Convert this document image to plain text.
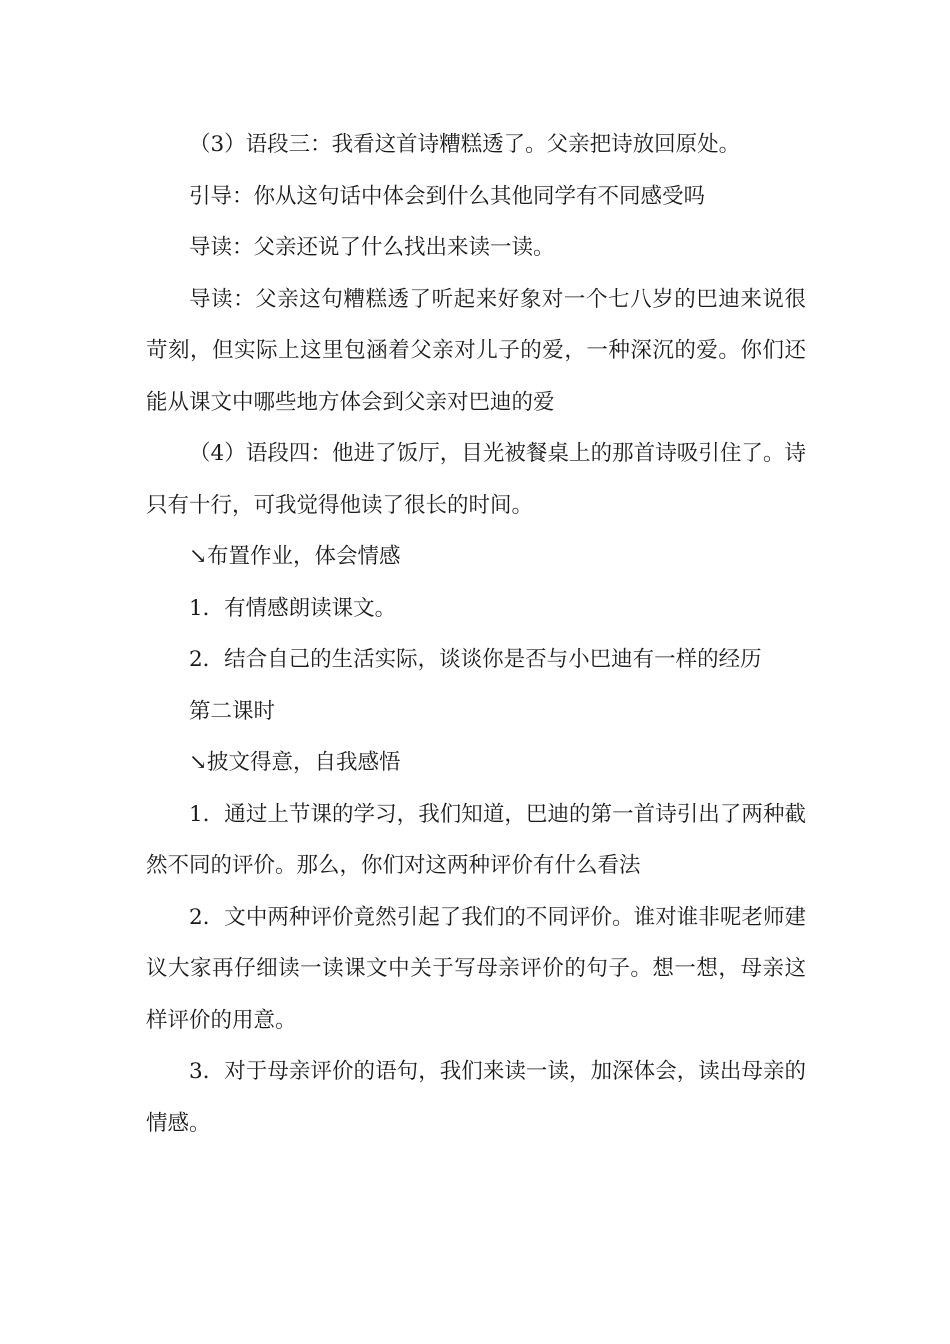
（3）语段三：我看这首诗糟糕透了。父亲把诗放回原处。

引导：你从这句话中体会到什么其他同学有不同感受吗

导读：父亲还说了什么找出来读一读。

导读：父亲这句糟糕透了听起来好象对一个七八岁的巴迪来说很苛刻，但实际上这里包涵着父亲对儿子的爱，一种深沉的爱。你们还能从课文中哪些地方体会到父亲对巴迪的爱

（4）语段四：他进了饭厅，目光被餐桌上的那首诗吸引住了。诗只有十行，可我觉得他读了很长的时间。

↘布置作业，体会情感

1．有情感朗读课文。

2．结合自己的生活实际，谈谈你是否与小巴迪有一样的经历

第二课时

↘披文得意，自我感悟

1．通过上节课的学习，我们知道，巴迪的第一首诗引出了两种截然不同的评价。那么，你们对这两种评价有什么看法

2．文中两种评价竟然引起了我们的不同评价。谁对谁非呢老师建议大家再仔细读一读课文中关于写母亲评价的句子。想一想，母亲这样评价的用意。

3．对于母亲评价的语句，我们来读一读，加深体会，读出母亲的情感。
